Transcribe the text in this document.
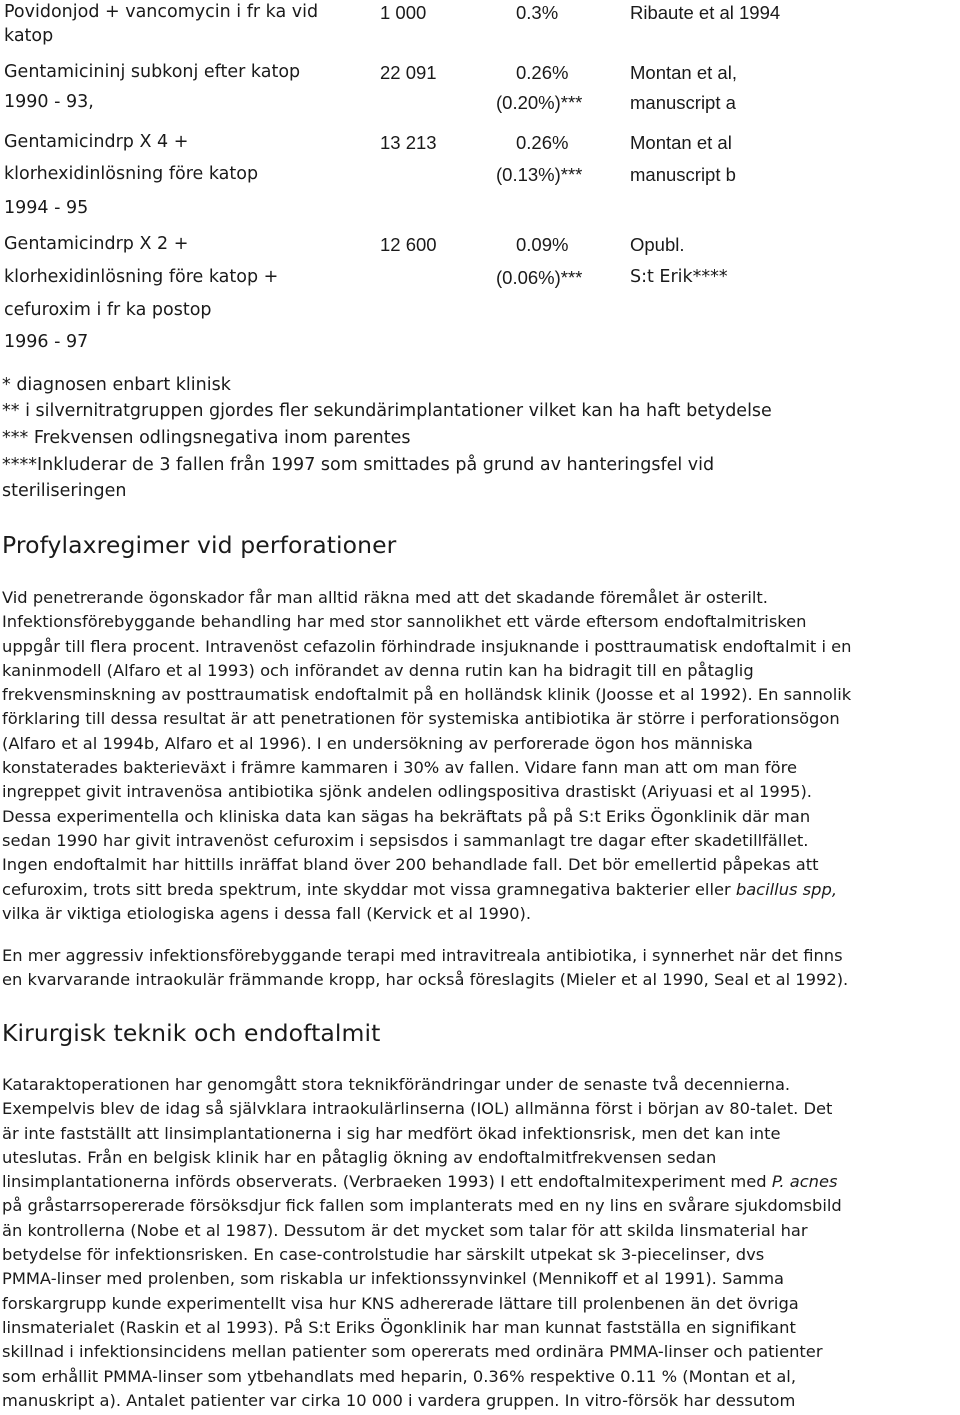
Povidonjod + vancomycin i fr ka vid	1 000	0.3%	Ribaute et al 1994
katop
Gentamicininj subkonj efter katop	22 091	0.26%	Montan et al,
1990 - 93,	(0.20%)***	manuscript a
Gentamicindrp X 4 +	13 213	0.26%	Montan et al
klorhexidinlösning före katop	(0.13%)***	manuscript b
1994 - 95
Gentamicindrp X 2 +	12 600	0.09%	Opubl.
klorhexidinlösning före katop +	(0.06%)***	S:t Erik****
cefuroxim i fr ka postop
1996 - 97
* diagnosen enbart klinisk
** i silvernitratgruppen gjordes fler sekundärimplantationer vilket kan ha haft betydelse
*** Frekvensen odlingsnegativa inom parentes
****Inkluderar de 3 fallen från 1997 som smittades på grund av hanteringsfel vid
steriliseringen
Profylaxregimer vid perforationer
Vid penetrerande ögonskador får man alltid räkna med att det skadande föremålet är osterilt.
Infektionsförebyggande behandling har med stor sannolikhet ett värde eftersom endoftalmitrisken
uppgår till flera procent. Intravenöst cefazolin förhindrade insjuknande i posttraumatisk endoftalmit i en
kaninmodell (Alfaro et al 1993) och införandet av denna rutin kan ha bidragit till en påtaglig
frekvensminskning av posttraumatisk endoftalmit på en holländsk klinik (Joosse et al 1992). En sannolik
förklaring till dessa resultat är att penetrationen för systemiska antibiotika är större i perforationsögon
(Alfaro et al 1994b, Alfaro et al 1996). I en undersökning av perforerade ögon hos människa
konstaterades bakterieväxt i främre kammaren i 30% av fallen. Vidare fann man att om man före
ingreppet givit intravenösa antibiotika sjönk andelen odlingspositiva drastiskt (Ariyuasi et al 1995).
Dessa experimentella och kliniska data kan sägas ha bekräftats på på S:t Eriks Ögonklinik där man
sedan 1990 har givit intravenöst cefuroxim i sepsisdos i sammanlagt tre dagar efter skadetillfället.
Ingen endoftalmit har hittills inräffat bland över 200 behandlade fall. Det bör emellertid påpekas att
cefuroxim, trots sitt breda spektrum, inte skyddar mot vissa gramnegativa bakterier eller bacillus spp,
vilka är viktiga etiologiska agens i dessa fall (Kervick et al 1990).
En mer aggressiv infektionsförebyggande terapi med intravitreala antibiotika, i synnerhet när det finns
en kvarvarande intraokulär främmande kropp, har också föreslagits (Mieler et al 1990, Seal et al 1992).
Kirurgisk teknik och endoftalmit
Kataraktoperationen har genomgått stora teknikförändringar under de senaste två decennierna.
Exempelvis blev de idag så självklara intraokulärlinserna (IOL) allmänna först i början av 80-talet. Det
är inte fastställt att linsimplantationerna i sig har medfört ökad infektionsrisk, men det kan inte
uteslutas. Från en belgisk klinik har en påtaglig ökning av endoftalmitfrekvensen sedan
linsimplantationerna införds observerats. (Verbraeken 1993) I ett endoftalmitexperiment med P. acnes
på gråstarrsopererade försöksdjur fick fallen som implanterats med en ny lins en svårare sjukdomsbild
än kontrollerna (Nobe et al 1987). Dessutom är det mycket som talar för att skilda linsmaterial har
betydelse för infektionsrisken. En case-controlstudie har särskilt utpekat sk 3-piecelinser, dvs
PMMA-linser med prolenben, som riskabla ur infektionssynvinkel (Mennikoff et al 1991). Samma
forskargrupp kunde experimentellt visa hur KNS adhererade lättare till prolenbenen än det övriga
linsmaterialet (Raskin et al 1993). På S:t Eriks Ögonklinik har man kunnat fastställa en signifikant
skillnad i infektionsincidens mellan patienter som opererats med ordinära PMMA-linser och patienter
som erhållit PMMA-linser som ytbehandlats med heparin, 0.36% respektive 0.11 % (Montan et al,
manuskript a). Antalet patienter var cirka 10 000 i vardera gruppen. In vitro-försök har dessutom
